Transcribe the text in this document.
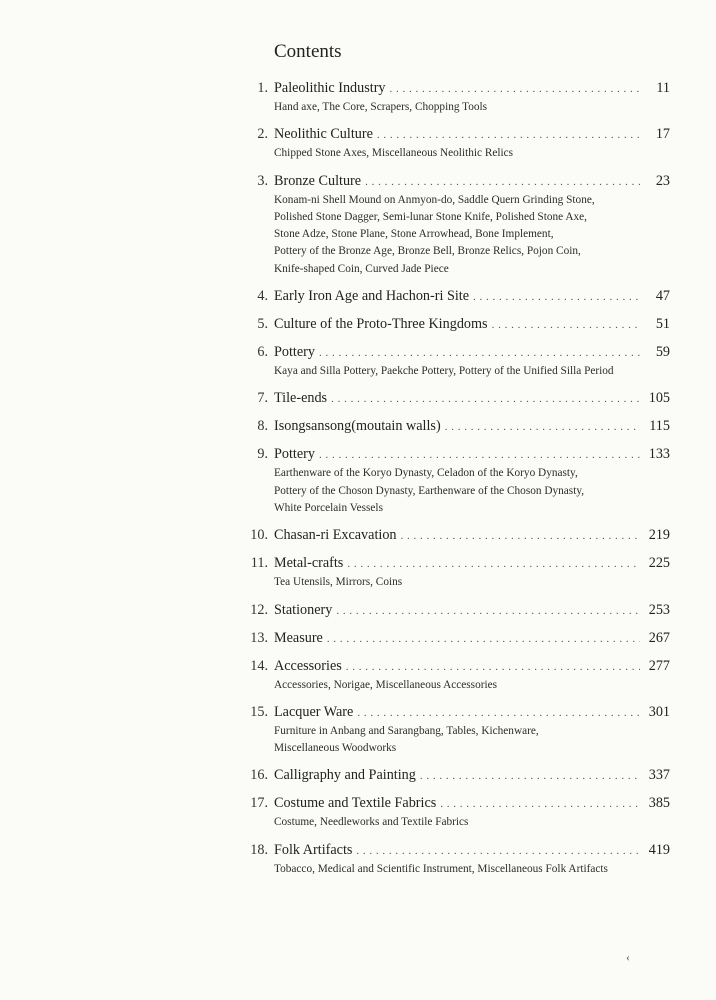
Contents
1. Paleolithic Industry . . .	11
Hand axe, The Core, Scrapers, Chopping Tools
2. Neolithic Culture . . .	17
Chipped Stone Axes, Miscellaneous Neolithic Relics
3. Bronze Culture . . .	23
Konam-ni Shell Mound on Anmyon-do, Saddle Quern Grinding Stone,
Polished Stone Dagger, Semi-lunar Stone Knife, Polished Stone Axe,
Stone Adze, Stone Plane, Stone Arrowhead, Bone Implement,
Pottery of the Bronze Age, Bronze Bell, Bronze Relics, Pojon Coin,
Knife-shaped Coin, Curved Jade Piece
4. Early Iron Age and Hachon-ri Site . . .	47
5. Culture of the Proto-Three Kingdoms . . .	51
6. Pottery . . .	59
Kaya and Silla Pottery, Paekche Pottery, Pottery of the Unified Silla Period
7. Tile-ends . . .	105
8. Isongsansong(moutain walls) . . .	115
9. Pottery . . .	133
Earthenware of the Koryo Dynasty, Celadon of the Koryo Dynasty,
Pottery of the Choson Dynasty, Earthenware of the Choson Dynasty,
White Porcelain Vessels
10. Chasan-ri Excavation . . .	219
11. Metal-crafts . . .	225
Tea Utensils, Mirrors, Coins
12. Stationery . . .	253
13. Measure . . .	267
14. Accessories . . .	277
Accessories, Norigae, Miscellaneous Accessories
15. Lacquer Ware . . .	301
Furniture in Anbang and Sarangbang, Tables, Kichenware,
Miscellaneous Woodworks
16. Calligraphy and Painting . . .	337
17. Costume and Textile Fabrics . . .	385
Costume, Needleworks and Textile Fabrics
18. Folk Artifacts . . .	419
Tobacco, Medical and Scientific Instrument, Miscellaneous Folk Artifacts
‹
